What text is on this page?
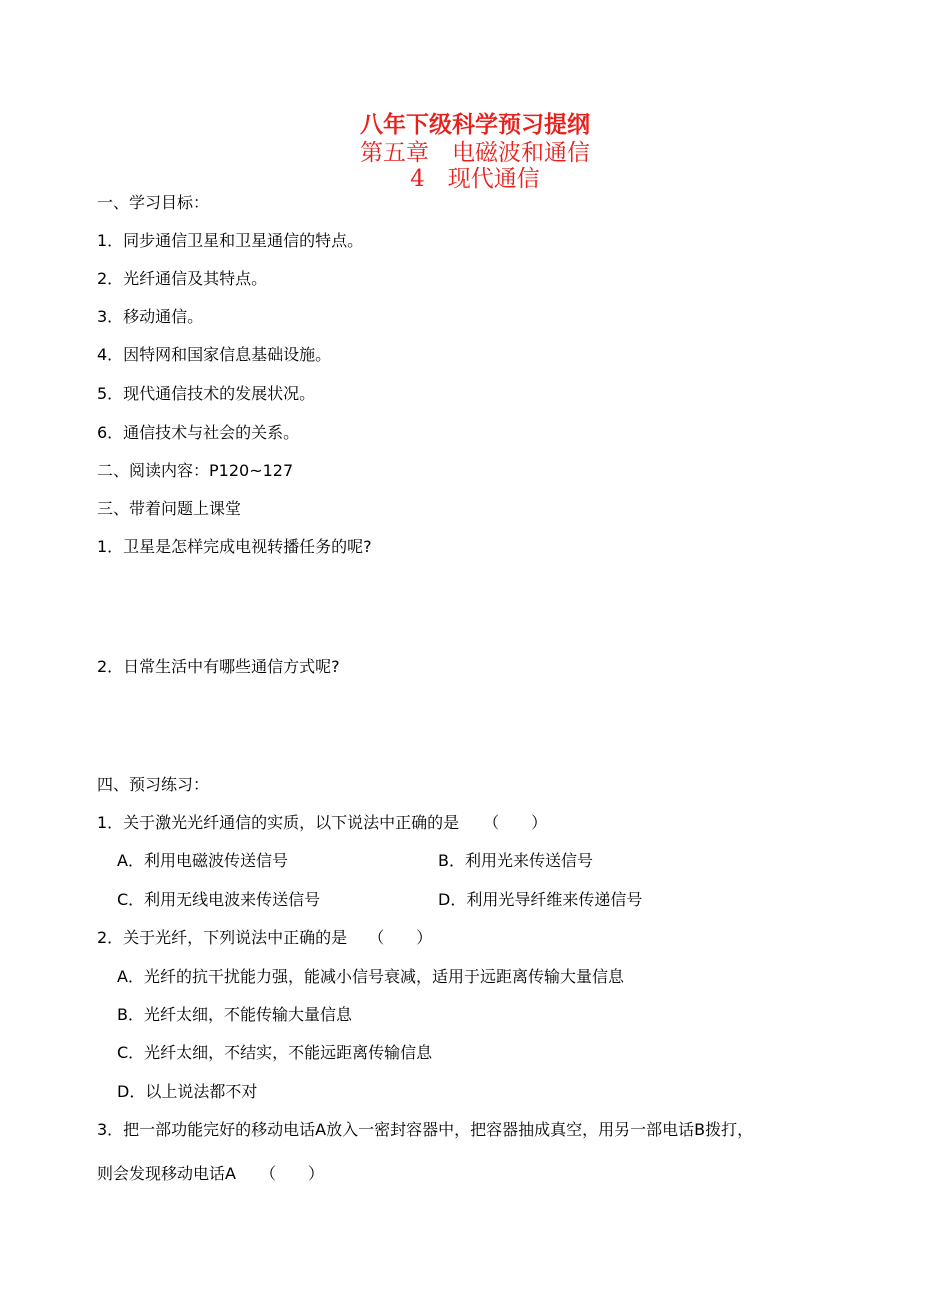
八年下级科学预习提纲
第五章　电磁波和通信
4　现代通信
一、学习目标：
1．同步通信卫星和卫星通信的特点。
2．光纤通信及其特点。
3．移动通信。
4．因特网和国家信息基础设施。
5．现代通信技术的发展状况。
6．通信技术与社会的关系。
二、阅读内容：P120~127
三、带着问题上课堂
1．卫星是怎样完成电视转播任务的呢?
2．日常生活中有哪些通信方式呢?
四、预习练习：
1．关于激光光纤通信的实质，以下说法中正确的是　　（　　）
A．利用电磁波传送信号	B．利用光来传送信号
C．利用无线电波来传送信号	D．利用光导纤维来传递信号
2．关于光纤，下列说法中正确的是　 （　　）
A．光纤的抗干扰能力强，能减小信号衰减，适用于远距离传输大量信息
B．光纤太细，不能传输大量信息
C．光纤太细，不结实，不能远距离传输信息
D．以上说法都不对
3．把一部功能完好的移动电话A放入一密封容器中，把容器抽成真空，用另一部电话B拨打，
则会发现移动电话A　　（　　）
